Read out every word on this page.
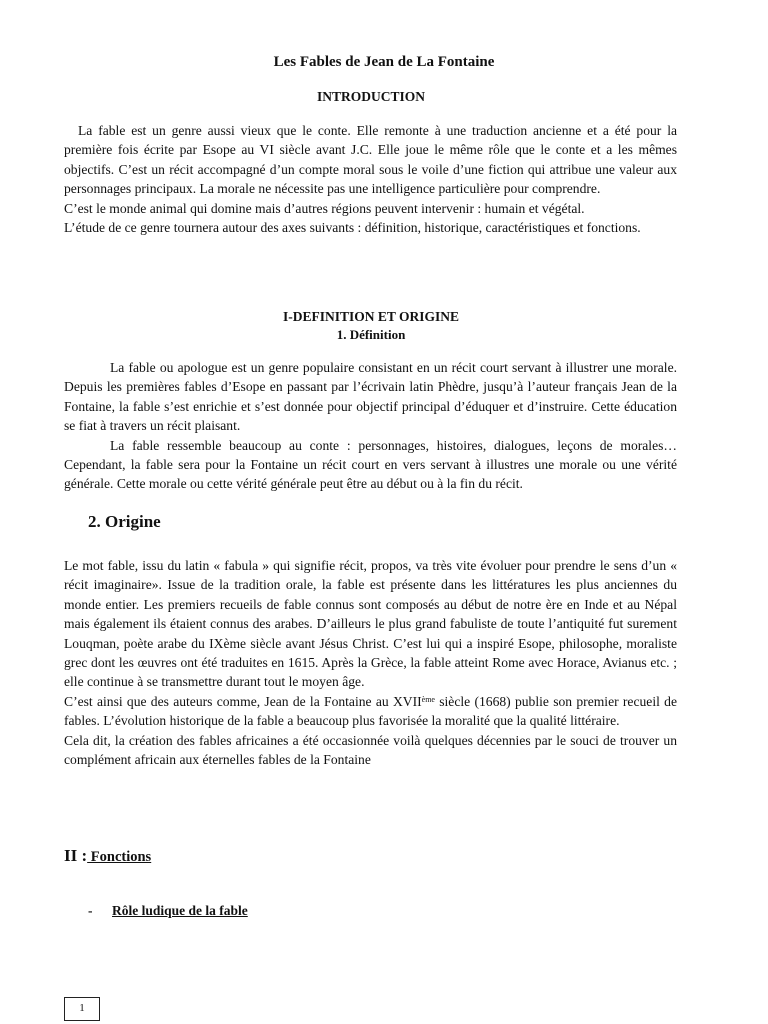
Les Fables de Jean de La Fontaine
INTRODUCTION

La fable est un genre aussi vieux que le conte. Elle remonte à une traduction ancienne et a été pour la première fois écrite par Esope au VI siècle avant J.C. Elle joue le même rôle que le conte et a les mêmes objectifs. C’est un récit accompagné d’un compte moral sous le voile d’une fiction qui attribue une valeur aux personnages principaux. La morale ne nécessite pas une intelligence particulière pour comprendre.

C’est le monde animal qui domine mais d’autres régions peuvent intervenir : humain et végétal.

L’étude de ce genre tournera autour des axes suivants : définition, historique, caractéristiques et fonctions.

I-DEFINITION ET ORIGINE
1. Définition

La fable ou apologue est un genre populaire consistant en un récit court servant à illustrer une morale. Depuis les premières fables d’Esope en passant par l’écrivain latin Phèdre, jusqu’à l’auteur français Jean de la Fontaine, la fable s’est enrichie et s’est donnée pour objectif principal d’éduquer et d’instruire. Cette éducation se fiat à travers un récit plaisant.

La fable ressemble beaucoup au conte : personnages, histoires, dialogues, leçons de morales… Cependant, la fable sera pour la Fontaine un récit court en vers servant à illustres une morale ou une vérité générale. Cette morale ou cette vérité générale peut être au début ou à la fin du récit.

2. Origine

Le mot fable, issu du latin « fabula » qui signifie récit, propos, va très vite évoluer pour prendre le sens d’un « récit imaginaire». Issue de la tradition orale, la fable est présente dans les littératures les plus anciennes du monde entier. Les premiers recueils de fable connus sont composés au début de notre ère en Inde et au Népal mais également ils étaient connus des arabes. D’ailleurs le plus grand fabuliste de toute l’antiquité fut surement Louqman, poète arabe du IXème siècle avant Jésus Christ. C’est lui qui a inspiré Esope, philosophe, moraliste grec dont les œuvres ont été traduites en 1615. Après la Grèce, la fable atteint Rome avec Horace, Avianus etc. ; elle continue à se transmettre durant tout le moyen âge.

C’est ainsi que des auteurs comme, Jean de la Fontaine au XVIIème siècle (1668) publie son premier recueil de fables. L’évolution historique de la fable a beaucoup plus favorisée la moralité que la qualité littéraire.

Cela dit, la création des fables africaines a été occasionnée voilà quelques décennies par le souci de trouver un complément africain aux éternelles fables de la Fontaine

II : Fonctions
- Rôle ludique de la fable
1
